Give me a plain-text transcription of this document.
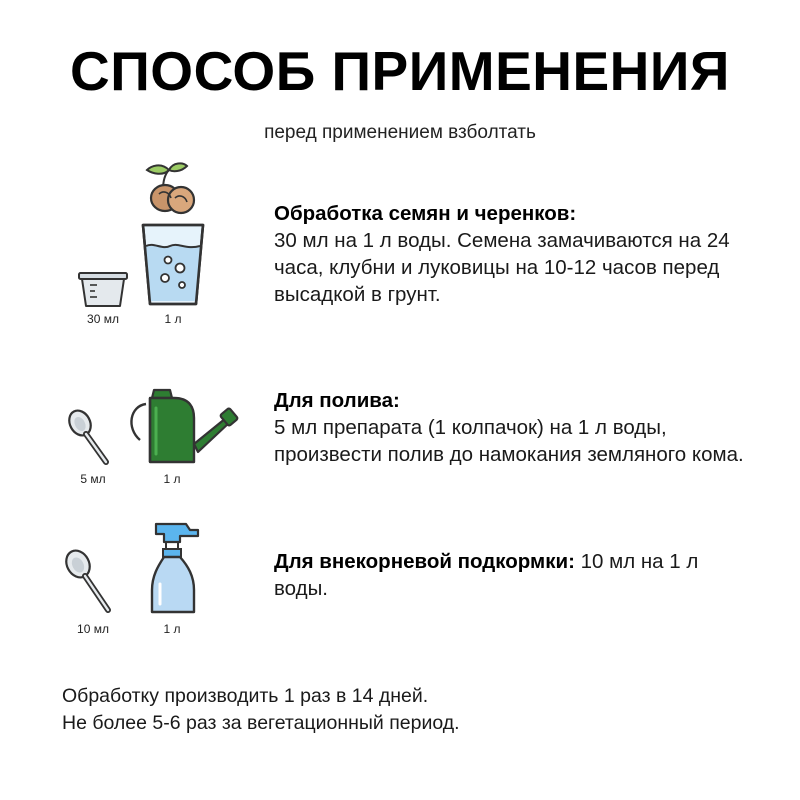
СПОСОБ ПРИМЕНЕНИЯ
перед применением взболтать
30 мл	1 л
Обработка семян и черенков:
30 мл на 1 л воды. Семена замачиваются на 24 часа, клубни и луковицы на 10-12 часов перед высадкой в грунт.
5 мл	1 л
Для полива:
5 мл препарата (1 колпачок) на 1 л воды, произвести полив до намокания земляного кома.
10 мл	1 л
Для внекорневой подкормки: 10 мл на 1 л воды.
Обработку производить 1 раз в 14 дней.
Не более 5-6 раз за вегетационный период.
